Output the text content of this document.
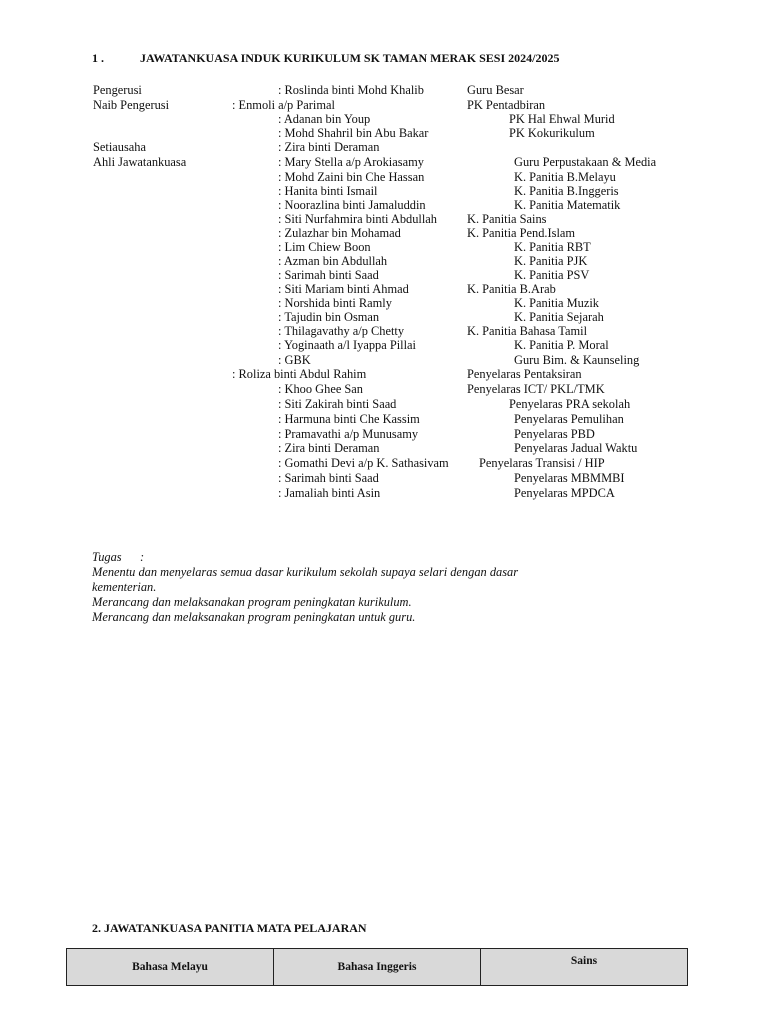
1 .	JAWATANKUASA INDUK KURIKULUM SK TAMAN MERAK SESI 2024/2025
Pengerusi	: Roslinda binti Mohd Khalib	Guru Besar
Naib Pengerusi	: Enmoli a/p Parimal	PK Pentadbiran
: Adanan bin Youp	PK Hal Ehwal Murid
: Mohd Shahril bin Abu Bakar	PK Kokurikulum
Setiausaha	: Zira binti Deraman
Ahli Jawatankuasa	: Mary Stella a/p Arokiasamy	Guru Perpustakaan & Media
: Mohd Zaini bin Che Hassan	K. Panitia B.Melayu
: Hanita binti Ismail	K. Panitia B.Inggeris
: Noorazlina binti Jamaluddin	K. Panitia Matematik
: Siti Nurfahmira binti Abdullah K. Panitia Sains
: Zulazhar bin Mohamad	K. Panitia Pend.Islam
: Lim Chiew Boon	K. Panitia RBT
: Azman bin Abdullah	K. Panitia PJK
: Sarimah binti Saad	K. Panitia PSV
: Siti Mariam binti Ahmad	K. Panitia B.Arab
: Norshida binti Ramly	K. Panitia Muzik
: Tajudin bin Osman	K. Panitia Sejarah
: Thilagavathy a/p Chetty	K. Panitia Bahasa Tamil
: Yoginaath a/l Iyappa Pillai	K. Panitia P. Moral
: GBK	Guru Bim. & Kaunseling
: Roliza binti Abdul Rahim	Penyelaras Pentaksiran
: Khoo Ghee San	Penyelaras ICT/ PKL/TMK
: Siti Zakirah binti Saad	Penyelaras PRA sekolah
: Harmuna binti Che Kassim	Penyelaras Pemulihan
: Pramavathi a/p Munusamy	Penyelaras PBD
: Zira binti Deraman	Penyelaras Jadual Waktu
: Gomathi Devi a/p K. Sathasivam Penyelaras Transisi / HIP
: Sarimah binti Saad	Penyelaras MBMMBI
: Jamaliah binti Asin	Penyelaras MPDCA
Tugas :
Menentu dan menyelaras semua dasar kurikulum sekolah supaya selari dengan dasar
kementerian.
Merancang dan melaksanakan program peningkatan kurikulum.
Merancang dan melaksanakan program peningkatan untuk guru.
2. JAWATANKUASA PANITIA MATA PELAJARAN
Bahasa Melayu	Bahasa Inggeris	Sains
